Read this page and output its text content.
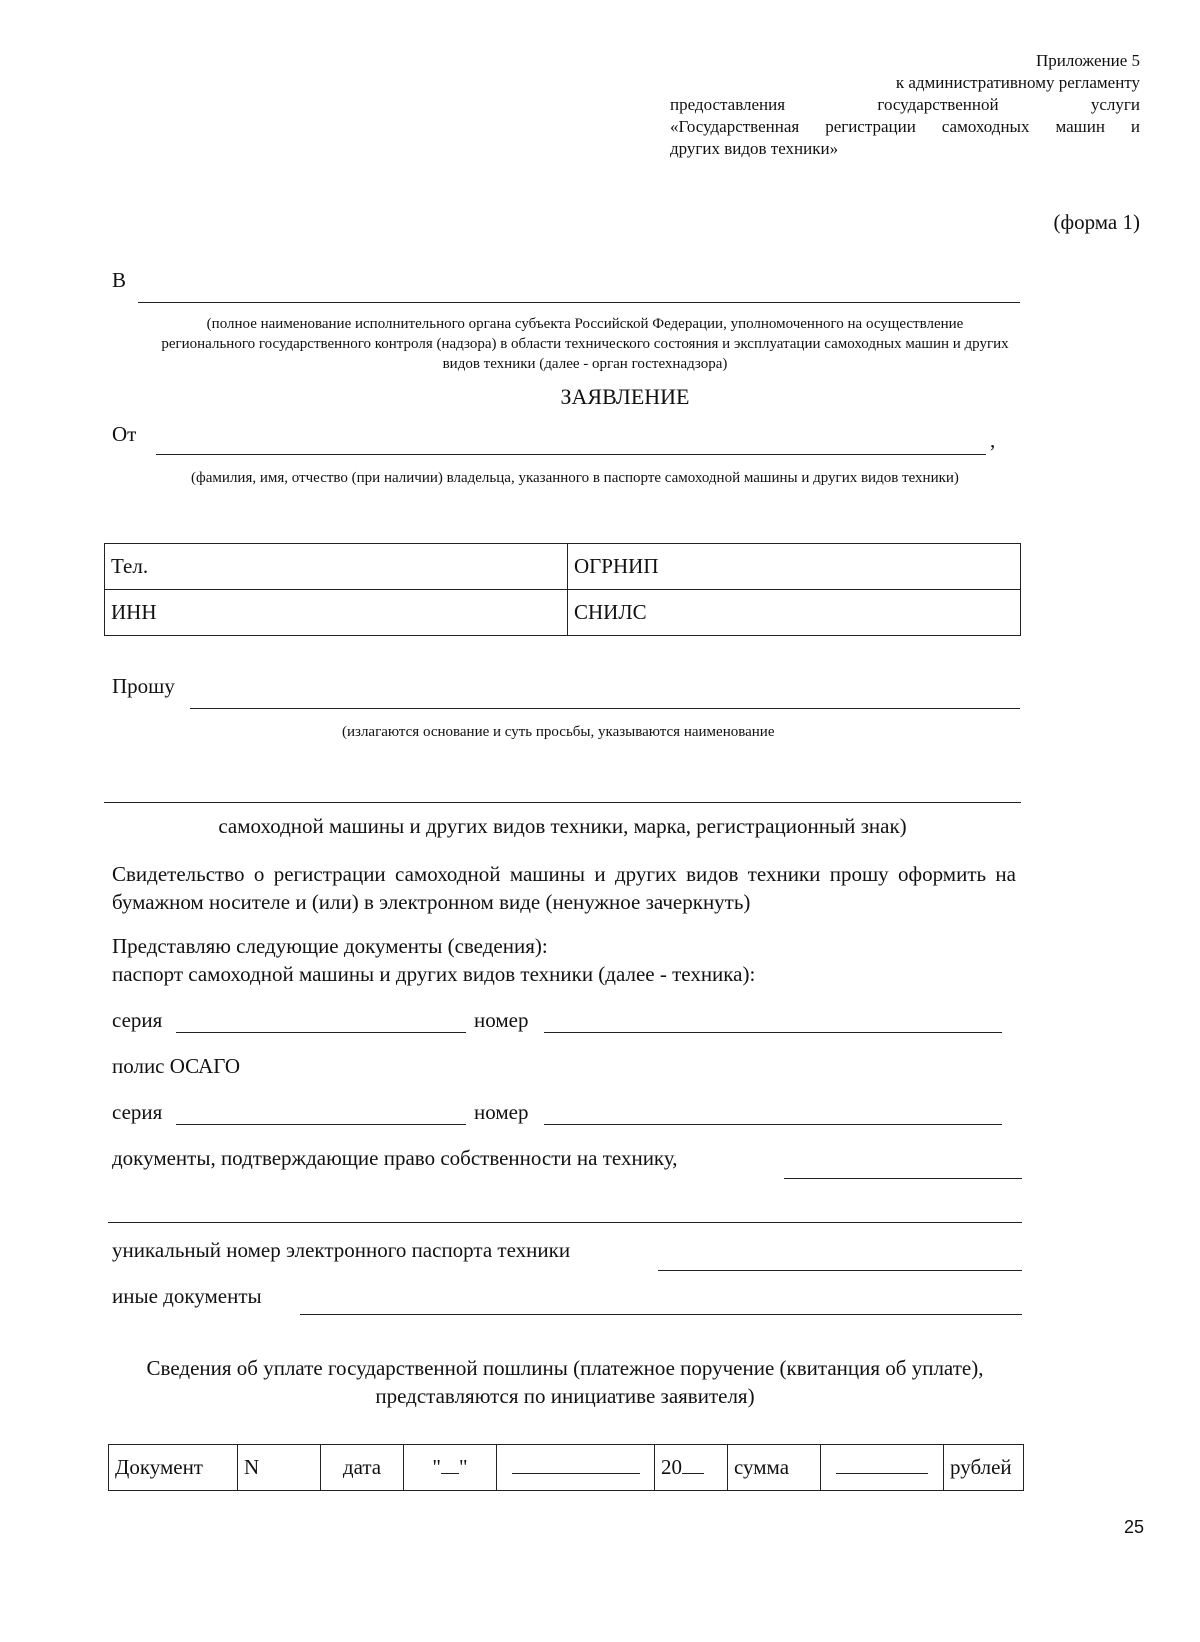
Приложение 5
к административному регламенту
предоставления	государственной	услуги
«Государственная регистрации самоходных машин и
других видов техники»
(форма 1)
В
(полное наименование исполнительного органа субъекта Российской Федерации, уполномоченного на осуществление регионального государственного контроля (надзора) в области технического состояния и эксплуатации самоходных машин и других видов техники (далее - орган гостехнадзора)
ЗАЯВЛЕНИЕ
От	,
(фамилия, имя, отчество (при наличии) владельца, указанного в паспорте самоходной машины и других видов техники)
Тел.	ОГРНИП
ИНН	СНИЛС
Прошу
(излагаются основание и суть просьбы, указываются наименование
самоходной машины и других видов техники, марка, регистрационный знак)
Свидетельство о регистрации самоходной машины и других видов техники прошу оформить на бумажном носителе и (или) в электронном виде (ненужное зачеркнуть)
Представляю следующие документы (сведения):
паспорт самоходной машины и других видов техники (далее - техника):
серия	номер
полис ОСАГО
серия	номер
документы, подтверждающие право собственности на технику,
уникальный номер электронного паспорта техники
иные документы
Сведения об уплате государственной пошлины (платежное поручение (квитанция об уплате), представляются по инициативе заявителя)
Документ	N	дата	" "		20	сумма		рублей
25
